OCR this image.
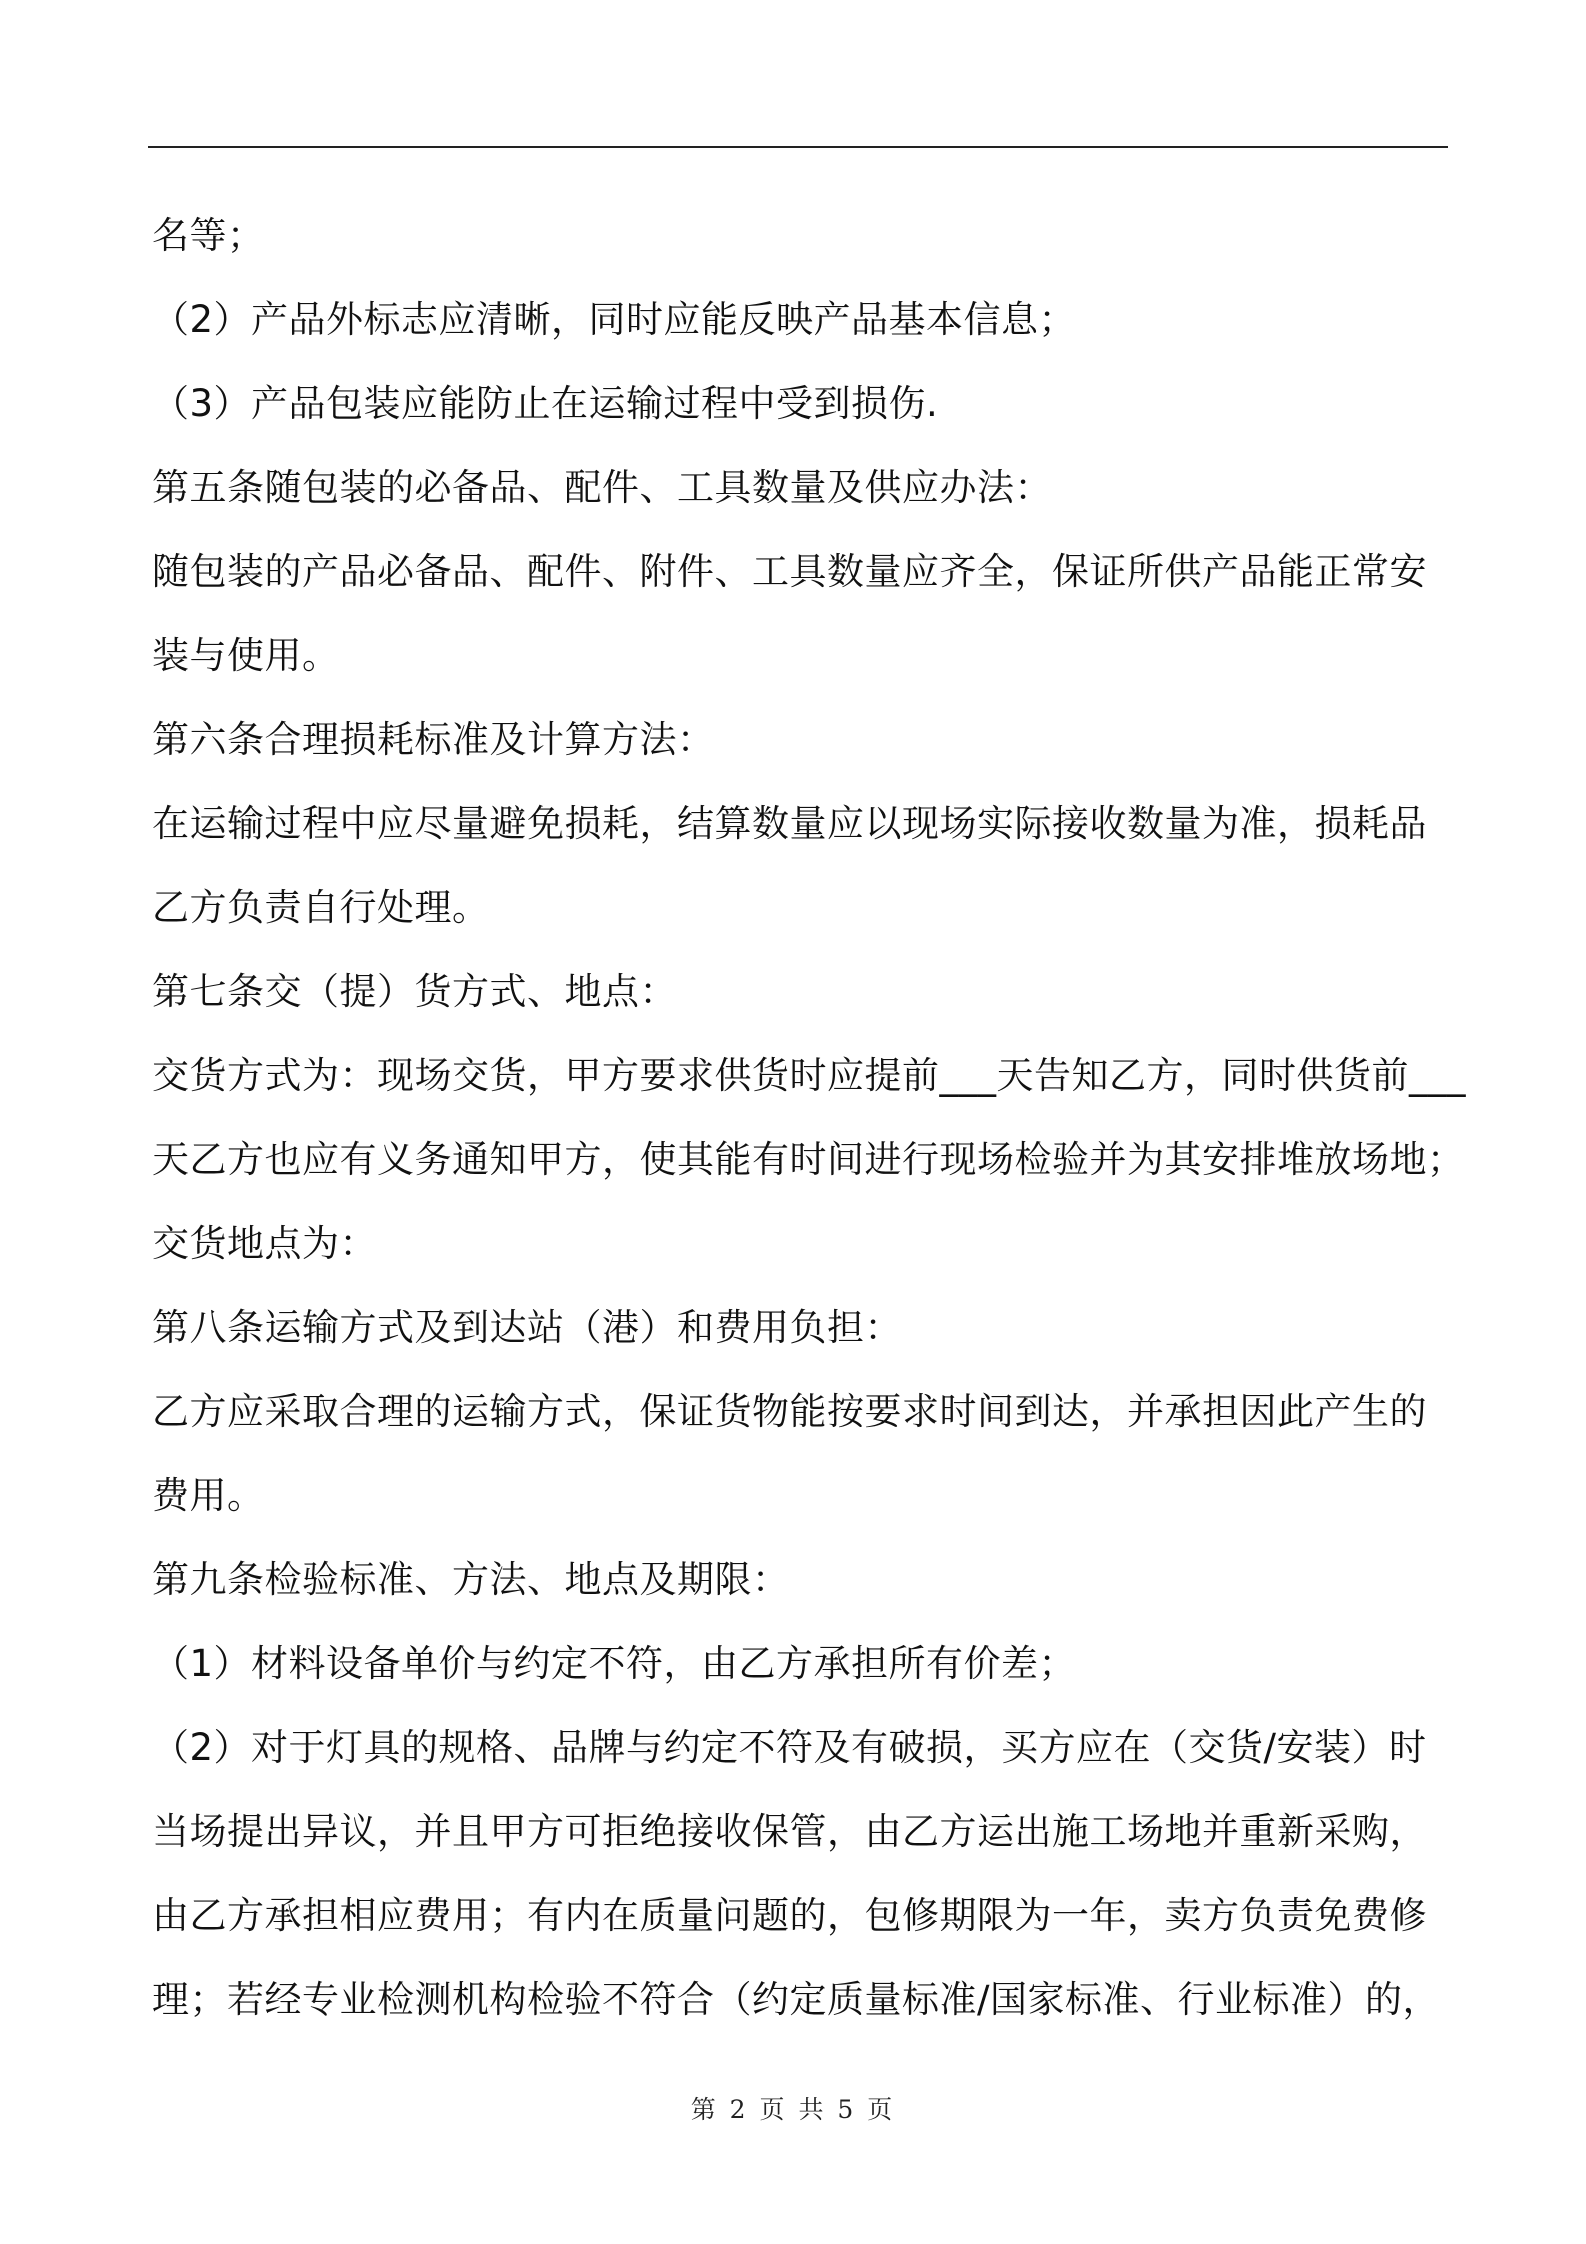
名等；
（2）产品外标志应清晰，同时应能反映产品基本信息；
（3）产品包装应能防止在运输过程中受到损伤.
第五条随包装的必备品、配件、工具数量及供应办法：
随包装的产品必备品、配件、附件、工具数量应齐全，保证所供产品能正常安
装与使用。
第六条合理损耗标准及计算方法：
在运输过程中应尽量避免损耗，结算数量应以现场实际接收数量为准，损耗品
乙方负责自行处理。
第七条交（提）货方式、地点：
交货方式为：现场交货，甲方要求供货时应提前___天告知乙方，同时供货前___
天乙方也应有义务通知甲方，使其能有时间进行现场检验并为其安排堆放场地；
交货地点为：
第八条运输方式及到达站（港）和费用负担：
乙方应采取合理的运输方式，保证货物能按要求时间到达，并承担因此产生的
费用。
第九条检验标准、方法、地点及期限：
（1）材料设备单价与约定不符，由乙方承担所有价差；
（2）对于灯具的规格、品牌与约定不符及有破损，买方应在（交货/安装）时
当场提出异议，并且甲方可拒绝接收保管，由乙方运出施工场地并重新采购，
由乙方承担相应费用；有内在质量问题的，包修期限为一年，卖方负责免费修
理；若经专业检测机构检验不符合（约定质量标准/国家标准、行业标准）的，
第 2 页 共 5 页
